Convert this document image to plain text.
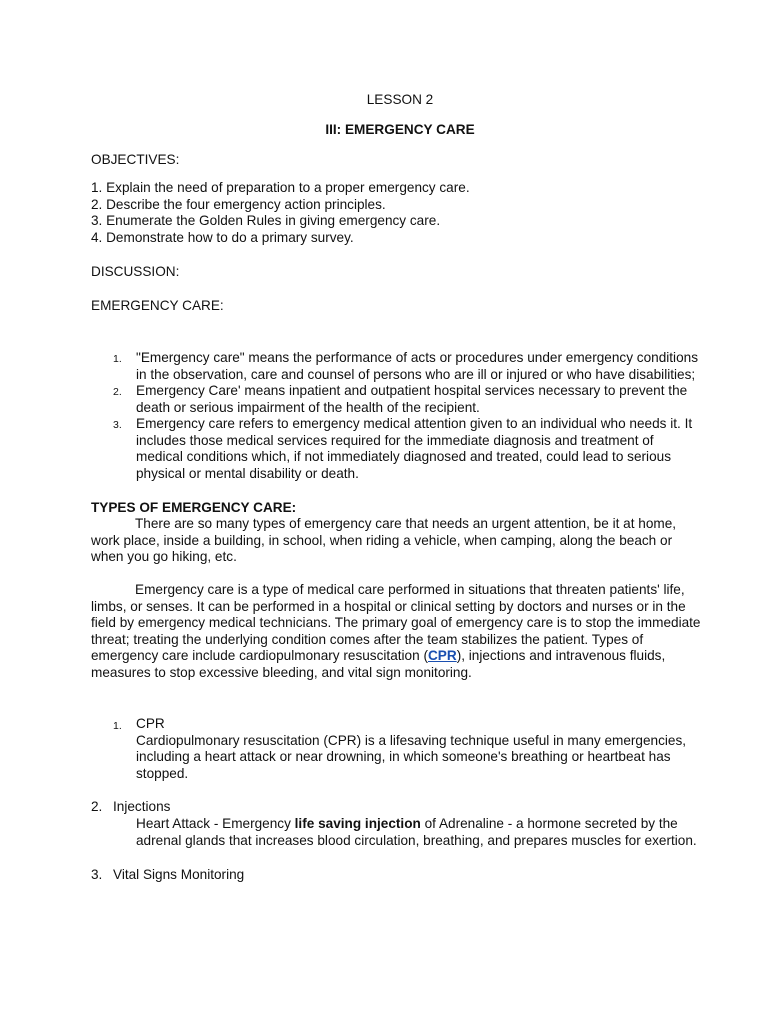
LESSON 2
III: EMERGENCY CARE
OBJECTIVES:
1. Explain the need of preparation to a proper emergency care.
2. Describe the four emergency action principles.
3. Enumerate the Golden Rules in giving emergency care.
4. Demonstrate how to do a primary survey.
DISCUSSION:
EMERGENCY CARE:
1. "Emergency care" means the performance of acts or procedures under emergency conditions
in the observation, care and counsel of persons who are ill or injured or who have disabilities;
2. Emergency Care' means inpatient and outpatient hospital services necessary to prevent the
death or serious impairment of the health of the recipient.
3. Emergency care refers to emergency medical attention given to an individual who needs it. It
includes those medical services required for the immediate diagnosis and treatment of
medical conditions which, if not immediately diagnosed and treated, could lead to serious
physical or mental disability or death.
TYPES OF EMERGENCY CARE:
There are so many types of emergency care that needs an urgent attention, be it at home,
work place, inside a building, in school, when riding a vehicle, when camping, along the beach or
when you go hiking, etc.
Emergency care is a type of medical care performed in situations that threaten patients' life,
limbs, or senses. It can be performed in a hospital or clinical setting by doctors and nurses or in the
field by emergency medical technicians. The primary goal of emergency care is to stop the immediate
threat; treating the underlying condition comes after the team stabilizes the patient. Types of
emergency care include cardiopulmonary resuscitation (CPR), injections and intravenous fluids,
measures to stop excessive bleeding, and vital sign monitoring.
1. CPR
Cardiopulmonary resuscitation (CPR) is a lifesaving technique useful in many emergencies,
including a heart attack or near drowning, in which someone's breathing or heartbeat has
stopped.
2. Injections
Heart Attack - Emergency life saving injection of Adrenaline - a hormone secreted by the
adrenal glands that increases blood circulation, breathing, and prepares muscles for exertion.
3. Vital Signs Monitoring
